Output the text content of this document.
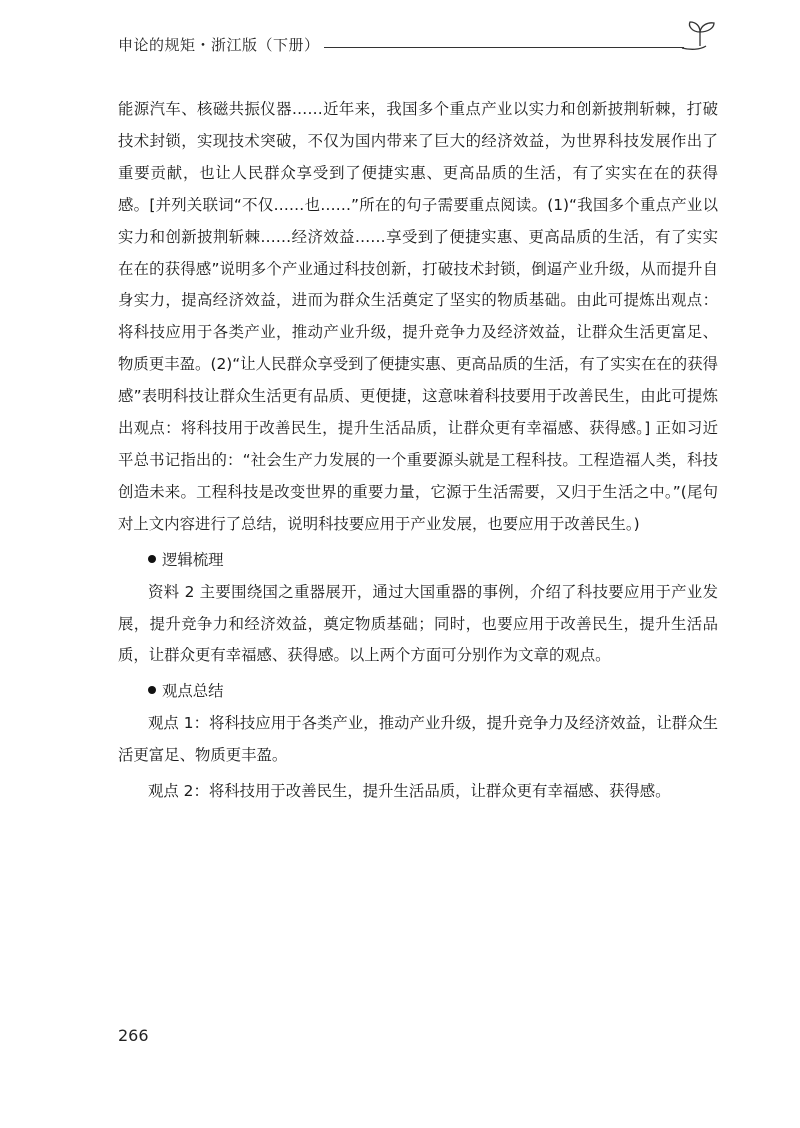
申论的规矩・浙江版（下册）

能源汽车、核磁共振仪器……近年来，我国多个重点产业以实力和创新披荆斩棘，打破技术封锁，实现技术突破，不仅为国内带来了巨大的经济效益，为世界科技发展作出了重要贡献，也让人民群众享受到了便捷实惠、更高品质的生活，有了实实在在的获得感。[并列关联词“不仅……也……”所在的句子需要重点阅读。(1)“我国多个重点产业以实力和创新披荆斩棘……经济效益……享受到了便捷实惠、更高品质的生活，有了实实在在的获得感”说明多个产业通过科技创新，打破技术封锁，倒逼产业升级，从而提升自身实力，提高经济效益，进而为群众生活奠定了坚实的物质基础。由此可提炼出观点：将科技应用于各类产业，推动产业升级，提升竞争力及经济效益，让群众生活更富足、物质更丰盈。(2)“让人民群众享受到了便捷实惠、更高品质的生活，有了实实在在的获得感”表明科技让群众生活更有品质、更便捷，这意味着科技要用于改善民生，由此可提炼出观点：将科技用于改善民生，提升生活品质，让群众更有幸福感、获得感。] 正如习近平总书记指出的：“社会生产力发展的一个重要源头就是工程科技。工程造福人类，科技创造未来。工程科技是改变世界的重要力量，它源于生活需要，又归于生活之中。”(尾句对上文内容进行了总结，说明科技要应用于产业发展，也要应用于改善民生。)

逻辑梳理

资料 2 主要围绕国之重器展开，通过大国重器的事例，介绍了科技要应用于产业发展，提升竞争力和经济效益，奠定物质基础；同时，也要应用于改善民生，提升生活品质，让群众更有幸福感、获得感。以上两个方面可分别作为文章的观点。

观点总结

观点 1：将科技应用于各类产业，推动产业升级，提升竞争力及经济效益，让群众生活更富足、物质更丰盈。

观点 2：将科技用于改善民生，提升生活品质，让群众更有幸福感、获得感。

266
